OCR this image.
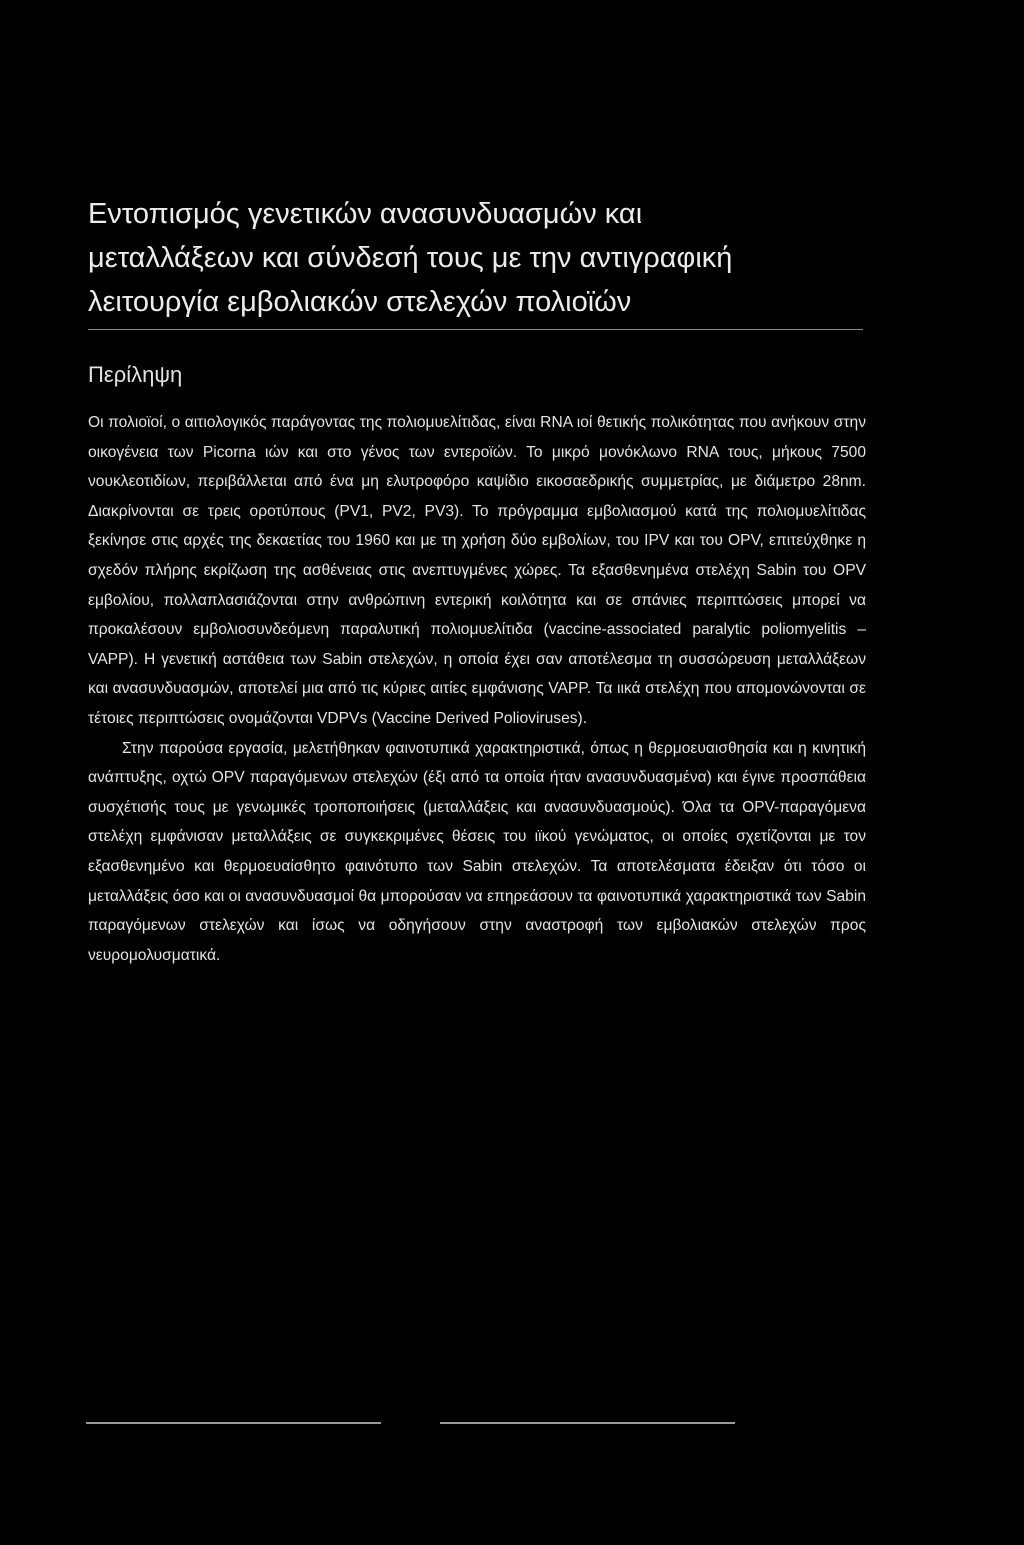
Εντοπισμός γενετικών ανασυνδυασμών και
μεταλλάξεων και σύνδεσή τους με την αντιγραφική
λειτουργία εμβολιακών στελεχών πολιοϊών
Περίληψη

Οι πολιοϊοί, ο αιτιολογικός παράγοντας της πολιομυελίτιδας, είναι RNA ιοί θετικής πολικότητας που ανήκουν στην οικογένεια των Picorna ιών και στο γένος των εντεροϊών. Το μικρό μονόκλωνο RNA τους, μήκους 7500 νουκλεοτιδίων, περιβάλλεται από ένα μη ελυτροφόρο καψίδιο εικοσαεδρικής συμμετρίας, με διάμετρο 28nm. Διακρίνονται σε τρεις οροτύπους (PV1, PV2, PV3). Το πρόγραμμα εμβολιασμού κατά της πολιομυελίτιδας ξεκίνησε στις αρχές της δεκαετίας του 1960 και με τη χρήση δύο εμβολίων, του IPV και του OPV, επιτεύχθηκε η σχεδόν πλήρης εκρίζωση της ασθένειας στις ανεπτυγμένες χώρες. Τα εξασθενημένα στελέχη Sabin του OPV εμβολίου, πολλαπλασιάζονται στην ανθρώπινη εντερική κοιλότητα και σε σπάνιες περιπτώσεις μπορεί να προκαλέσουν εμβολιοσυνδεόμενη παραλυτική πολιομυελίτιδα (vaccine-associated paralytic poliomyelitis – VAPP). Η γενετική αστάθεια των Sabin στελεχών, η οποία έχει σαν αποτέλεσμα τη συσσώρευση μεταλλάξεων και ανασυνδυασμών, αποτελεί μια από τις κύριες αιτίες εμφάνισης VAPP. Τα ιικά στελέχη που απομονώνονται σε τέτοιες περιπτώσεις ονομάζονται VDPVs (Vaccine Derived Polioviruses).

Στην παρούσα εργασία, μελετήθηκαν φαινοτυπικά χαρακτηριστικά, όπως η θερμοευαισθησία και η κινητική ανάπτυξης, οχτώ OPV παραγόμενων στελεχών (έξι από τα οποία ήταν ανασυνδυασμένα) και έγινε προσπάθεια συσχέτισής τους με γενωμικές τροποποιήσεις (μεταλλάξεις και ανασυνδυασμούς). Όλα τα OPV-παραγόμενα στελέχη εμφάνισαν μεταλλάξεις σε συγκεκριμένες θέσεις του ιϊκού γενώματος, οι οποίες σχετίζονται με τον εξασθενημένο και θερμοευαίσθητο φαινότυπο των Sabin στελεχών. Τα αποτελέσματα έδειξαν ότι τόσο οι μεταλλάξεις όσο και οι ανασυνδυασμοί θα μπορούσαν να επηρεάσουν τα φαινοτυπικά χαρακτηριστικά των Sabin παραγόμενων στελεχών και ίσως να οδηγήσουν στην αναστροφή των εμβολιακών στελεχών προς νευρομολυσματικά.
